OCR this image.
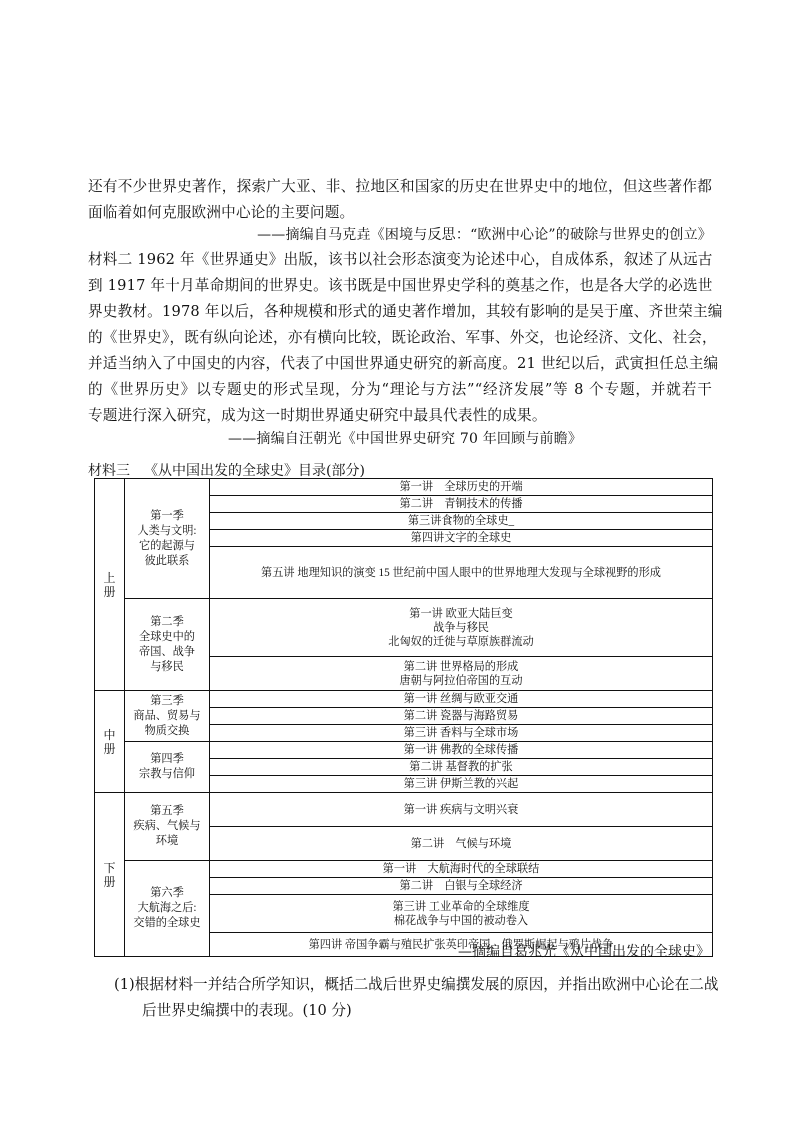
还有不少世界史著作，探索广大亚、非、拉地区和国家的历史在世界史中的地位，但这些著作都
面临着如何克服欧洲中心论的主要问题。
——摘编自马克垚《困境与反思：“欧洲中心论”的破除与世界史的创立》
材料二 1962 年《世界通史》出版，该书以社会形态演变为论述中心，自成体系，叙述了从远古
到 1917 年十月革命期间的世界史。该书既是中国世界史学科的奠基之作，也是各大学的必选世
界史教材。1978 年以后，各种规模和形式的通史著作增加，其较有影响的是吴于廑、齐世荣主编
的《世界史》，既有纵向论述，亦有横向比较，既论政治、军事、外交，也论经济、文化、社会，
并适当纳入了中国史的内容，代表了中国世界通史研究的新高度。21 世纪以后，武寅担任总主编
的《世界历史》以专题史的形式呈现，分为“理论与方法”“经济发展”等 8 个专题，并就若干
专题进行深入研究，成为这一时期世界通史研究中最具代表性的成果。
——摘编自汪朝光《中国世界史研究 70 年回顾与前瞻》
材料三 《从中国出发的全球史》目录(部分)
上册	第一季
人类与文明:
它的起源与
彼此联系	第一讲　全球历史的开端
		第二讲　青铜技术的传播
		第三讲食物的全球史_
		第四讲文字的全球史
		第五讲 地理知识的演变 15 世纪前中国人眼中的世界地理大发现与全球视野的形成
	第二季
全球史中的
帝国、战争
与移民	第一讲 欧亚大陆巨变
战争与移民
北匈奴的迁徙与草原族群流动
		第二讲 世界格局的形成
唐朝与阿拉伯帝国的互动
中册	第三季
商品、贸易与
物质交换	第一讲 丝绸与欧亚交通
		第二讲 瓷器与海路贸易
		第三讲 香料与全球市场
	第四季
宗教与信仰	第一讲 佛教的全球传播
		第二讲 基督教的扩张
		第三讲 伊斯兰教的兴起
下册	第五季
疾病、气候与
环境	第一讲 疾病与文明兴衰
		第二讲　气候与环境
	第六季
大航海之后:
交错的全球史	第一讲　大航海时代的全球联结
		第二讲　白银与全球经济
		第三讲 工业革命的全球维度
棉花战争与中国的被动卷入
		第四讲 帝国争霸与殖民扩张英印帝国、俄罗斯崛起与鸦片战争
—摘编自葛兆光《从中国出发的全球史》
(1)根据材料一并结合所学知识，概括二战后世界史编撰发展的原因，并指出欧洲中心论在二战
后世界史编撰中的表现。(10 分)
